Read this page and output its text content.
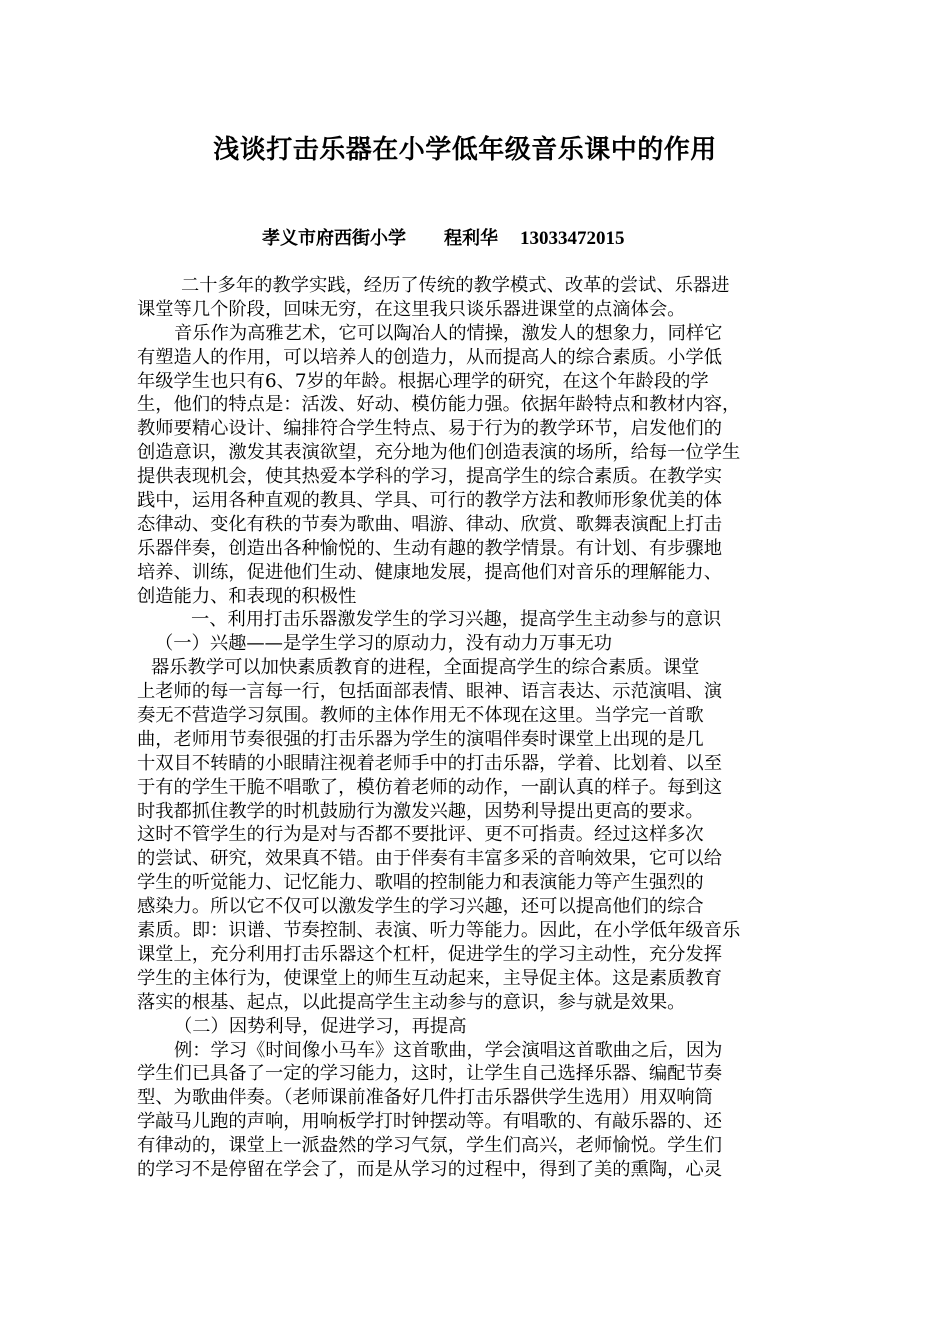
浅谈打击乐器在小学低年级音乐课中的作用
孝义市府西街小学 程利华 13033472015
二十多年的教学实践，经历了传统的教学模式、改革的尝试、乐器进
课堂等几个阶段，回味无穷，在这里我只谈乐器进课堂的点滴体会。
音乐作为高雅艺术，它可以陶冶人的情操，激发人的想象力，同样它
有塑造人的作用，可以培养人的创造力，从而提高人的综合素质。小学低
年级学生也只有6、7岁的年龄。根据心理学的研究，在这个年龄段的学
生，他们的特点是：活泼、好动、模仿能力强。依据年龄特点和教材内容，
教师要精心设计、编排符合学生特点、易于行为的教学环节，启发他们的
创造意识，激发其表演欲望，充分地为他们创造表演的场所，给每一位学生
提供表现机会，使其热爱本学科的学习，提高学生的综合素质。在教学实
践中，运用各种直观的教具、学具、可行的教学方法和教师形象优美的体
态律动、变化有秩的节奏为歌曲、唱游、律动、欣赏、歌舞表演配上打击
乐器伴奏，创造出各种愉悦的、生动有趣的教学情景。有计划、有步骤地
培养、训练，促进他们生动、健康地发展，提高他们对音乐的理解能力、
创造能力、和表现的积极性
一、利用打击乐器激发学生的学习兴趣，提高学生主动参与的意识
（一）兴趣——是学生学习的原动力，没有动力万事无功
器乐教学可以加快素质教育的进程，全面提高学生的综合素质。课堂
上老师的每一言每一行，包括面部表情、眼神、语言表达、示范演唱、演
奏无不营造学习氛围。教师的主体作用无不体现在这里。当学完一首歌
曲，老师用节奏很强的打击乐器为学生的演唱伴奏时课堂上出现的是几
十双目不转睛的小眼睛注视着老师手中的打击乐器，学着、比划着、以至
于有的学生干脆不唱歌了，模仿着老师的动作，一副认真的样子。每到这
时我都抓住教学的时机鼓励行为激发兴趣，因势利导提出更高的要求。
这时不管学生的行为是对与否都不要批评、更不可指责。经过这样多次
的尝试、研究，效果真不错。由于伴奏有丰富多采的音响效果，它可以给
学生的听觉能力、记忆能力、歌唱的控制能力和表演能力等产生强烈的
感染力。所以它不仅可以激发学生的学习兴趣，还可以提高他们的综合
素质。即：识谱、节奏控制、表演、听力等能力。因此，在小学低年级音乐
课堂上，充分利用打击乐器这个杠杆，促进学生的学习主动性，充分发挥
学生的主体行为，使课堂上的师生互动起来，主导促主体。这是素质教育
落实的根基、起点，以此提高学生主动参与的意识，参与就是效果。
（二）因势利导，促进学习，再提高
例：学习《时间像小马车》这首歌曲，学会演唱这首歌曲之后，因为
学生们已具备了一定的学习能力，这时，让学生自己选择乐器、编配节奏
型、为歌曲伴奏。（老师课前准备好几件打击乐器供学生选用）用双响筒
学敲马儿跑的声响，用响板学打时钟摆动等。有唱歌的、有敲乐器的、还
有律动的，课堂上一派盎然的学习气氛，学生们高兴，老师愉悦。学生们
的学习不是停留在学会了，而是从学习的过程中，得到了美的熏陶，心灵
